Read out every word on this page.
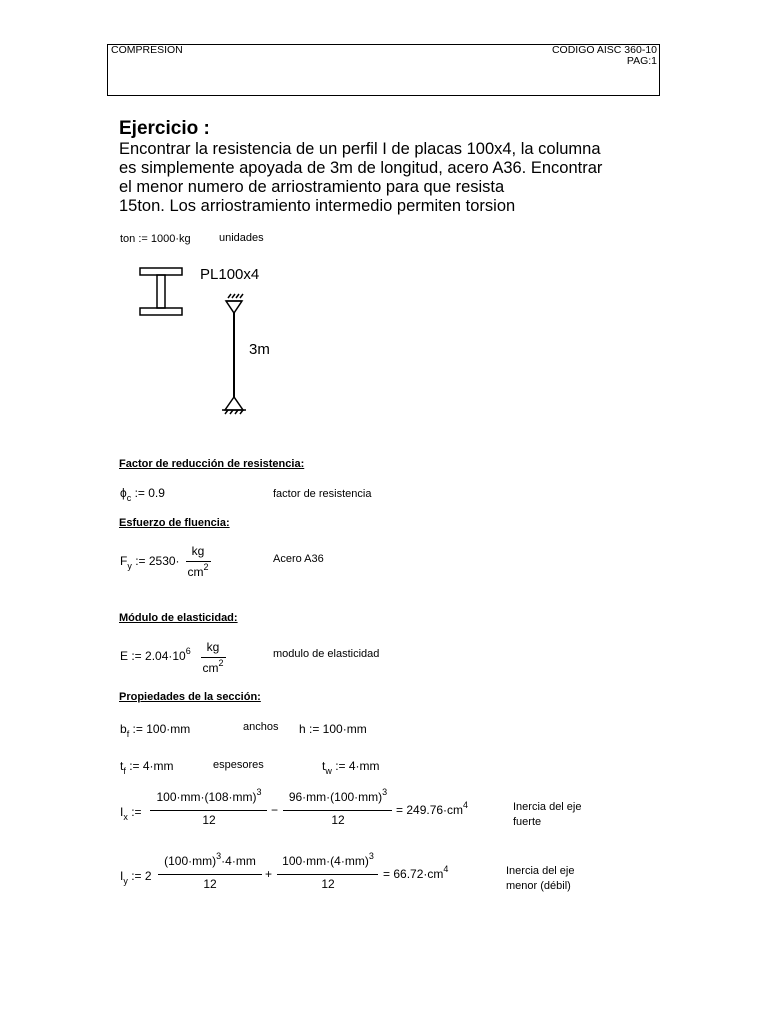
COMPRESION	CODIGO AISC 360-10
PAG:1
Ejercicio :
Encontrar la resistencia de un perfil I de placas 100x4, la columna
es simplemente apoyada de 3m de longitud, acero A36. Encontrar
el menor numero de arriostramiento para que resista
15ton. Los arriostramiento intermedio permiten torsion
ton := 1000·kg	unidades
PL100x4
3m
Factor de reducción de resistencia:
$\phi_c$ := 0.9	factor de resistencia
Esfuerzo de fluencia:
$F_y$ := 2530·
kg
$cm^2$
Acero A36
Módulo de elasticidad:
E := $2.04\cdot 10^6$	kg
$cm^2$
modulo de elasticidad
Propiedades de la sección:
$b_f$ := 100·mm	anchos h := 100·mm
$t_f$ := 4·mm	espesores	$t_w$ := 4·mm
$I_x$ :=
$100\cdot mm\cdot(108\cdot mm)^3$
12
−
$96\cdot mm\cdot(100\cdot mm)^3$
12
= $249.76\cdot cm^4$	Inercia del eje
fuerte
$I_y$ := 2
$(100\cdot mm)^3\cdot 4\cdot mm$
12
+
$100\cdot mm\cdot(4\cdot mm)^3$
12
= $66.72\cdot cm^4$	Inercia del eje
menor (débil)
